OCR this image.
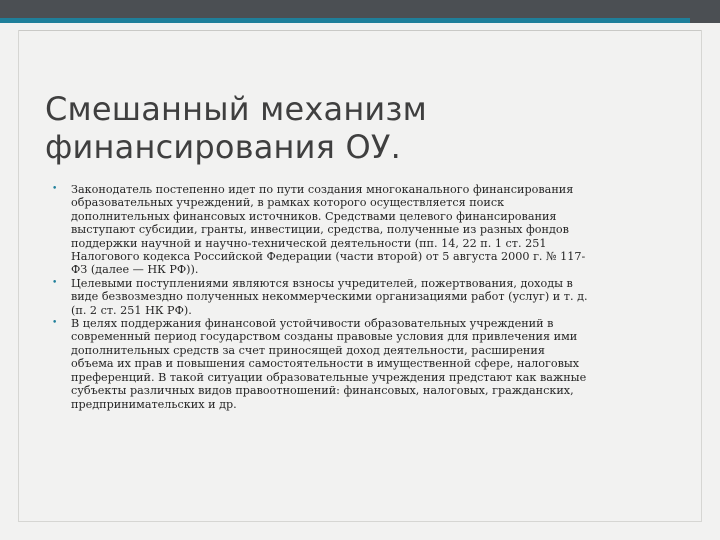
Смешанный механизм
финансирования ОУ.
• Законодатель постепенно идет по пути создания многоканального финансирования
образовательных учреждений, в рамках которого осуществляется поиск
дополнительных финансовых источников. Средствами целевого финансирования
выступают субсидии, гранты, инвестиции, средства, полученные из разных фондов
поддержки научной и научно-технической деятельности (пп. 14, 22 п. 1 ст. 251
Налогового кодекса Российской Федерации (части второй) от 5 августа 2000 г. № 117-
ФЗ (далее — НК РФ)).
• Целевыми поступлениями являются взносы учредителей, пожертвования, доходы в
виде безвозмездно полученных некоммерческими организациями работ (услуг) и т. д.
(п. 2 ст. 251 НК РФ).
• В целях поддержания финансовой устойчивости образовательных учреждений в
современный период государством созданы правовые условия для привлечения ими
дополнительных средств за счет приносящей доход деятельности, расширения
объема их прав и повышения самостоятельности в имущественной сфере, налоговых
преференций. В такой ситуации образовательные учреждения предстают как важные
субъекты различных видов правоотношений: финансовых, налоговых, гражданских,
предпринимательских и др.
